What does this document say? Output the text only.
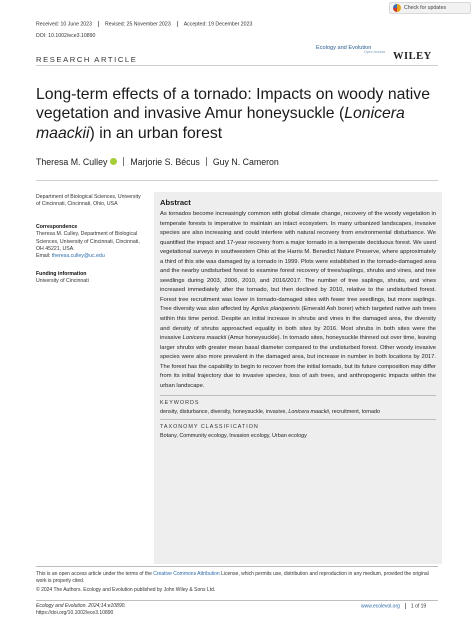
Received: 10 June 2023	Revised: 25 November 2023	Accepted: 19 December 2023
DOI: 10.1002/ece3.10890
Check for updates
Ecology and Evolution
Open Access WILEY
RESEARCH ARTICLE
Long-term effects of a tornado: Impacts on woody native vegetation and invasive Amur honeysuckle (Lonicera maackii) in an urban forest
Theresa M. Culley	Marjorie S. Bécus Guy N. Cameron
Department of Biological Sciences, University of Cincinnati, Cincinnati, Ohio, USA
Correspondence
Theresa M. Culley, Department of Biological Sciences, University of Cincinnati, Cincinnati, OH 45221, USA.
Email: theresa.culley@uc.edu
Funding information
University of Cincinnati
Abstract
As tornados become increasingly common with global climate change, recovery of the woody vegetation in temperate forests is imperative to maintain an intact ecosystem. In many urbanized landscapes, invasive species are also increasing and could interfere with natural recovery from environmental disturbance. We quantified the impact and 17-year recovery from a major tornado in a temperate deciduous forest. We used vegetational surveys in southwestern Ohio at the Harris M. Benedict Nature Preserve, where approximately a third of this site was damaged by a tornado in 1999. Plots were established in the tornado-damaged area and the nearby undisturbed forest to examine forest recovery of trees/saplings, shrubs and vines, and tree seedlings during 2003, 2006, 2010, and 2016/2017. The number of tree saplings, shrubs, and vines increased immediately after the tornado, but then declined by 2010, relative to the undisturbed forest. Forest tree recruitment was lower in tornado-damaged sites with fewer tree seedlings, but more saplings. Tree diversity was also affected by Agrilus planipennis (Emerald Ash borer) which targeted native ash trees within this time period. Despite an initial increase in shrubs and vines in the damaged area, the diversity and density of shrubs approached equality in both sites by 2016. Most shrubs in both sites were the invasive Lonicera maackii (Amur honeysuckle). In tornado sites, honeysuckle thinned out over time, leaving larger shrubs with greater mean basal diameter compared to the undisturbed forest. Other woody invasive species were also more prevalent in the damaged area, but increase in number in both locations by 2017. The forest has the capability to begin to recover from the initial tornado, but its future composition may differ from its initial trajectory due to invasive species, loss of ash trees, and anthropogenic impacts within the urban landscape.
KEYWORDS
density, disturbance, diversity, honeysuckle, invasive, Lonicera maackii, recruitment, tornado
TAXONOMY CLASSIFICATION
Botany, Community ecology, Invasion ecology, Urban ecology
This is an open access article under the terms of the Creative Commons Attribution License, which permits use, distribution and reproduction in any medium, provided the original work is properly cited.
© 2024 The Authors. Ecology and Evolution published by John Wiley & Sons Ltd.
Ecology and Evolution. 2024;14:e10890.
https://doi.org/10.1002/ece3.10890
www.ecolevol.org 1 of 19
